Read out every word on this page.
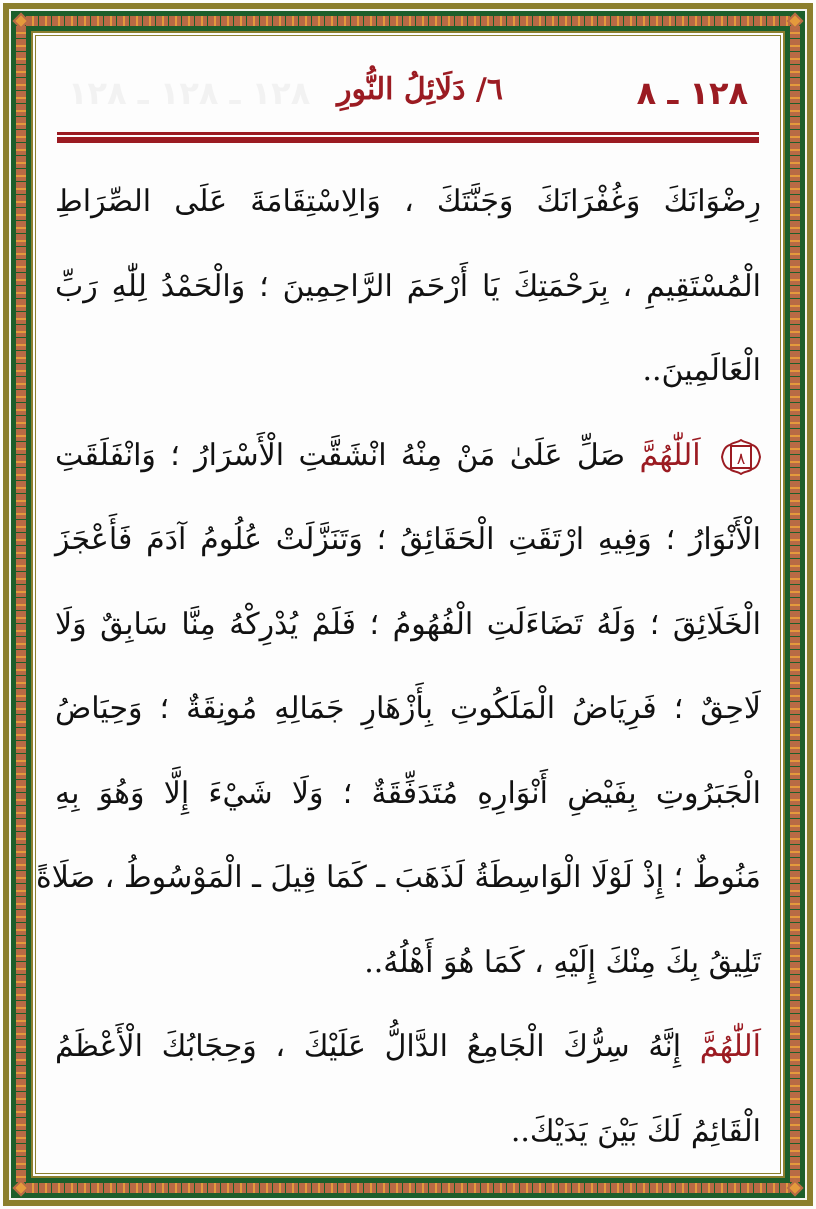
١٢٨ ـ ٨
٦/ دَلَائِلُ النُّورِ
١٢٨ ـ ١٢٨ ـ ١٢٨
رِضْوَانَكَ وَغُفْرَانَكَ وَجَنَّتَكَ ، وَالِاسْتِقَامَةَ عَلَى الصِّرَاطِ
الْمُسْتَقِيمِ ، بِرَحْمَتِكَ يَا أَرْحَمَ الرَّاحِمِينَ ؛ وَالْحَمْدُ لِلّٰهِ رَبِّ
الْعَالَمِينَ..
٨
اَللّٰهُمَّ صَلِّ عَلَىٰ مَنْ مِنْهُ انْشَقَّتِ الْأَسْرَارُ ؛ وَانْفَلَقَتِ
الْأَنْوَارُ ؛ وَفِيهِ ارْتَقَتِ الْحَقَائِقُ ؛ وَتَنَزَّلَتْ عُلُومُ آدَمَ فَأَعْجَزَ
الْخَلَائِقَ ؛ وَلَهُ تَضَاءَلَتِ الْفُهُومُ ؛ فَلَمْ يُدْرِكْهُ مِنَّا سَابِقٌ وَلَا
لَاحِقٌ ؛ فَرِيَاضُ الْمَلَكُوتِ بِأَزْهَارِ جَمَالِهِ مُونِقَةٌ ؛ وَحِيَاضُ
الْجَبَرُوتِ بِفَيْضِ أَنْوَارِهِ مُتَدَفِّقَةٌ ؛ وَلَا شَيْءَ إِلَّا وَهُوَ بِهِ
مَنُوطٌ ؛ إِذْ لَوْلَا الْوَاسِطَةُ لَذَهَبَ ـ كَمَا قِيلَ ـ الْمَوْسُوطُ ، صَلَاةً
تَلِيقُ بِكَ مِنْكَ إِلَيْهِ ، كَمَا هُوَ أَهْلُهُ..
اَللّٰهُمَّ إِنَّهُ سِرُّكَ الْجَامِعُ الدَّالُّ عَلَيْكَ ، وَحِجَابُكَ الْأَعْظَمُ
الْقَائِمُ لَكَ بَيْنَ يَدَيْكَ..
